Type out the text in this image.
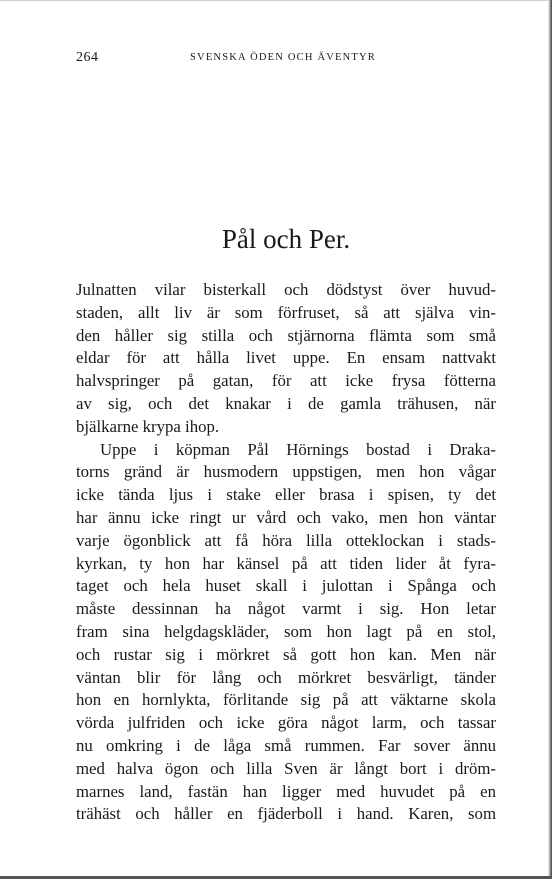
264	SVENSKA ÖDEN OCH ÄVENTYR
Pål och Per.
Julnatten vilar bisterkall och dödstyst över huvud-
staden, allt liv är som förfruset, så att själva vin-
den håller sig stilla och stjärnorna flämta som små
eldar för att hålla livet uppe. En ensam nattvakt
halvspringer på gatan, för att icke frysa fötterna
av sig, och det knakar i de gamla trähusen, när
bjälkarne krypa ihop.
Uppe i köpman Pål Hörnings bostad i Draka-
torns gränd är husmodern uppstigen, men hon vågar
icke tända ljus i stake eller brasa i spisen, ty det
har ännu icke ringt ur vård och vako, men hon väntar
varje ögonblick att få höra lilla otteklockan i stads-
kyrkan, ty hon har känsel på att tiden lider åt fyra-
taget och hela huset skall i julottan i Spånga och
måste dessinnan ha något varmt i sig. Hon letar
fram sina helgdagskläder, som hon lagt på en stol,
och rustar sig i mörkret så gott hon kan. Men när
väntan blir för lång och mörkret besvärligt, tänder
hon en hornlykta, förlitande sig på att väktarne skola
vörda julfriden och icke göra något larm, och tassar
nu omkring i de låga små rummen. Far sover ännu
med halva ögon och lilla Sven är långt bort i dröm-
marnes land, fastän han ligger med huvudet på en
trähäst och håller en fjäderboll i hand. Karen, som
